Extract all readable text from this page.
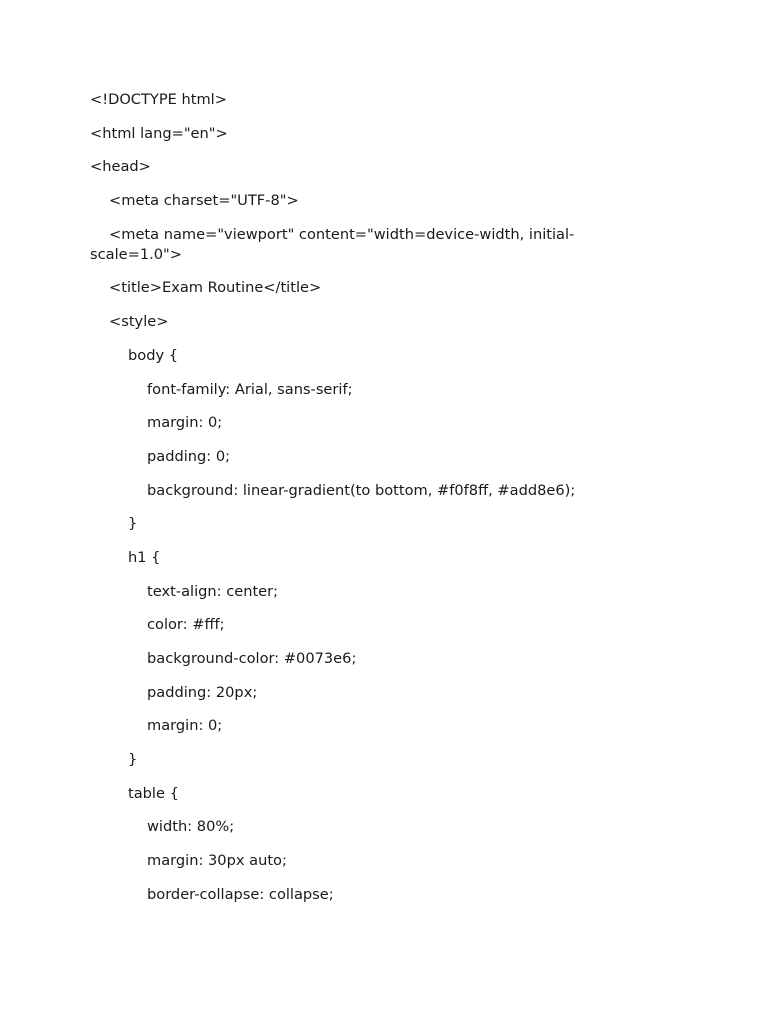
<!DOCTYPE html>
<html lang="en">
<head>
<meta charset="UTF-8">
<meta name="viewport" content="width=device-width, initial-scale=1.0">
<title>Exam Routine</title>
<style>
body {
font-family: Arial, sans-serif;
margin: 0;
padding: 0;
background: linear-gradient(to bottom, #f0f8ff, #add8e6);
}
h1 {
text-align: center;
color: #fff;
background-color: #0073e6;
padding: 20px;
margin: 0;
}
table {
width: 80%;
margin: 30px auto;
border-collapse: collapse;
